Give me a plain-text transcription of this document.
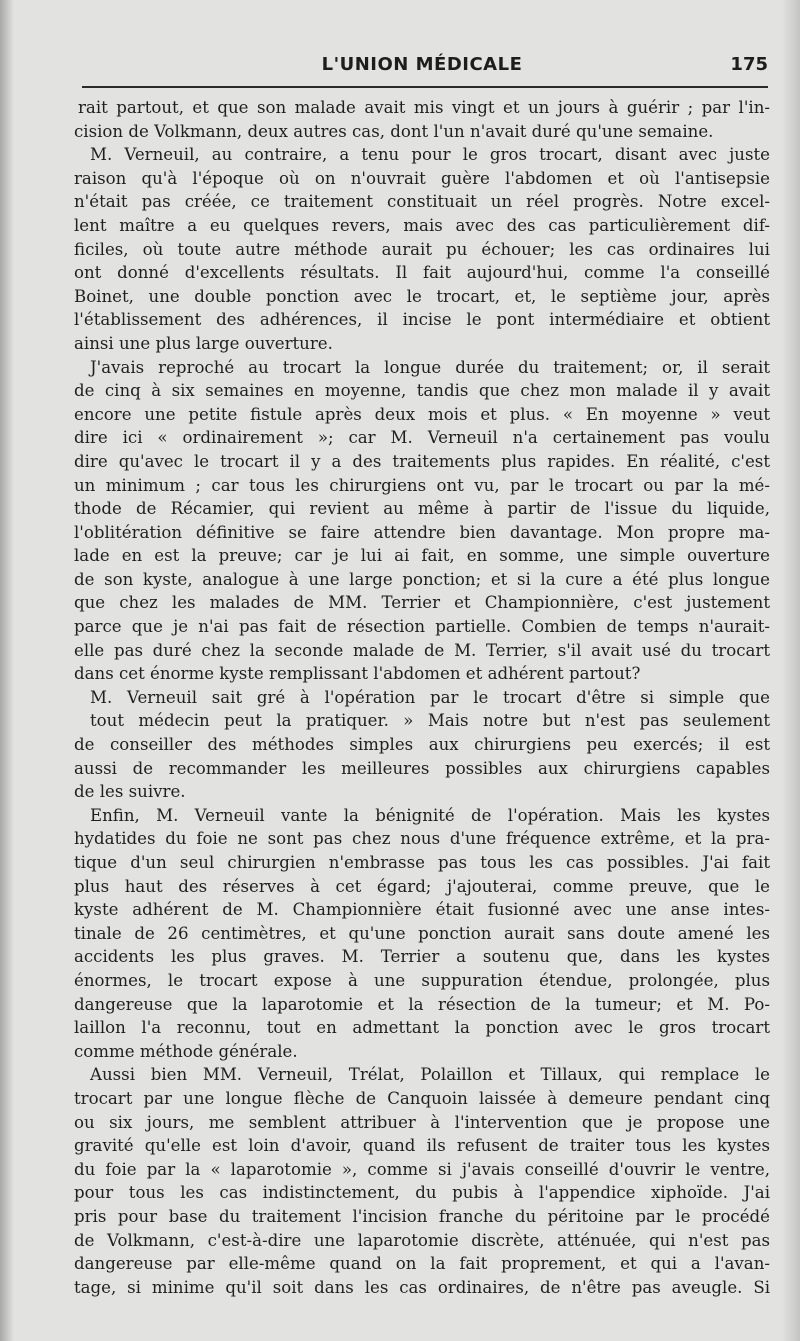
L'UNION MÉDICALE	175
rait partout, et que son malade avait mis vingt et un jours à guérir ; par l'in-
cision de Volkmann, deux autres cas, dont l'un n'avait duré qu'une semaine.
M. Verneuil, au contraire, a tenu pour le gros trocart, disant avec juste
raison qu'à l'époque où on n'ouvrait guère l'abdomen et où l'antisepsie
n'était pas créée, ce traitement constituait un réel progrès. Notre excel-
lent maître a eu quelques revers, mais avec des cas particulièrement dif-
ficiles, où toute autre méthode aurait pu échouer; les cas ordinaires lui
ont donné d'excellents résultats. Il fait aujourd'hui, comme l'a conseillé
Boinet, une double ponction avec le trocart, et, le septième jour, après
l'établissement des adhérences, il incise le pont intermédiaire et obtient
ainsi une plus large ouverture.
J'avais reproché au trocart la longue durée du traitement; or, il serait
de cinq à six semaines en moyenne, tandis que chez mon malade il y avait
encore une petite fistule après deux mois et plus. « En moyenne » veut
dire ici « ordinairement »; car M. Verneuil n'a certainement pas voulu
dire qu'avec le trocart il y a des traitements plus rapides. En réalité, c'est
un minimum ; car tous les chirurgiens ont vu, par le trocart ou par la mé-
thode de Récamier, qui revient au même à partir de l'issue du liquide,
l'oblitération définitive se faire attendre bien davantage. Mon propre ma-
lade en est la preuve; car je lui ai fait, en somme, une simple ouverture
de son kyste, analogue à une large ponction; et si la cure a été plus longue
que chez les malades de MM. Terrier et Championnière, c'est justement
parce que je n'ai pas fait de résection partielle. Combien de temps n'aurait-
elle pas duré chez la seconde malade de M. Terrier, s'il avait usé du trocart
dans cet énorme kyste remplissant l'abdomen et adhérent partout?
M. Verneuil sait gré à l'opération par le trocart d'être si simple que
tout médecin peut la pratiquer. » Mais notre but n'est pas seulement
de conseiller des méthodes simples aux chirurgiens peu exercés; il est
aussi de recommander les meilleures possibles aux chirurgiens capables
de les suivre.
Enfin, M. Verneuil vante la bénignité de l'opération. Mais les kystes
hydatides du foie ne sont pas chez nous d'une fréquence extrême, et la pra-
tique d'un seul chirurgien n'embrasse pas tous les cas possibles. J'ai fait
plus haut des réserves à cet égard; j'ajouterai, comme preuve, que le
kyste adhérent de M. Championnière était fusionné avec une anse intes-
tinale de 26 centimètres, et qu'une ponction aurait sans doute amené les
accidents les plus graves. M. Terrier a soutenu que, dans les kystes
énormes, le trocart expose à une suppuration étendue, prolongée, plus
dangereuse que la laparotomie et la résection de la tumeur; et M. Po-
laillon l'a reconnu, tout en admettant la ponction avec le gros trocart
comme méthode générale.
Aussi bien MM. Verneuil, Trélat, Polaillon et Tillaux, qui remplace le
trocart par une longue flèche de Canquoin laissée à demeure pendant cinq
ou six jours, me semblent attribuer à l'intervention que je propose une
gravité qu'elle est loin d'avoir, quand ils refusent de traiter tous les kystes
du foie par la « laparotomie », comme si j'avais conseillé d'ouvrir le ventre,
pour tous les cas indistinctement, du pubis à l'appendice xiphoïde. J'ai
pris pour base du traitement l'incision franche du péritoine par le procédé
de Volkmann, c'est-à-dire une laparotomie discrète, atténuée, qui n'est pas
dangereuse par elle-même quand on la fait proprement, et qui a l'avan-
tage, si minime qu'il soit dans les cas ordinaires, de n'être pas aveugle. Si
